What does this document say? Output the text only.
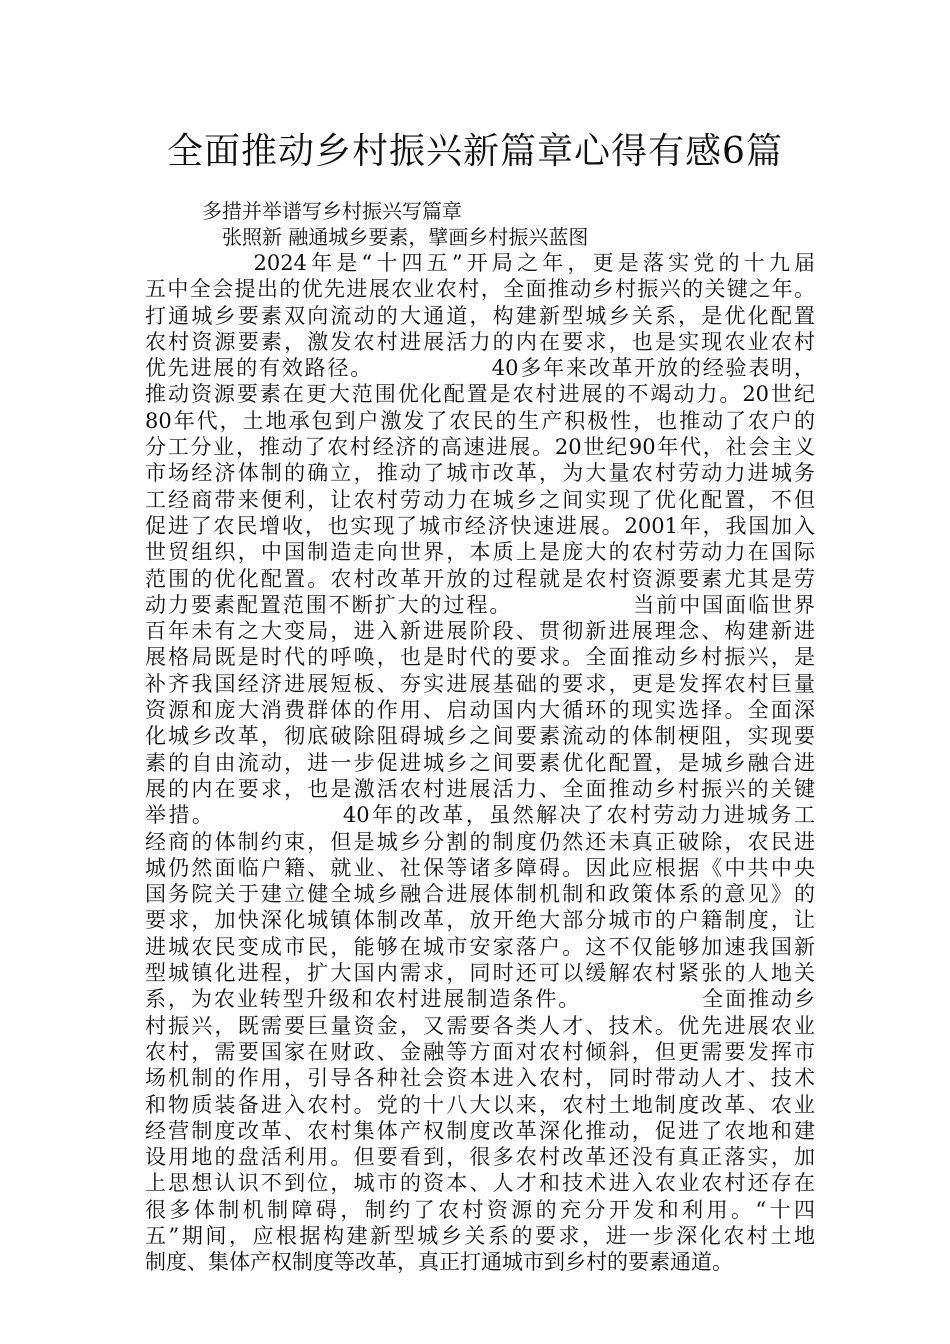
全面推动乡村振兴新篇章心得有感6篇
多措并举谱写乡村振兴写篇章
张照新 融通城乡要素，擘画乡村振兴蓝图
2024年是“十四五”开局之年，更是落实党的十九届
五中全会提出的优先进展农业农村，全面推动乡村振兴的关键之年。
打通城乡要素双向流动的大通道，构建新型城乡关系，是优化配置
农村资源要素，激发农村进展活力的内在要求，也是实现农业农村
优先进展的有效路径。              40多年来改革开放的经验表明，
推动资源要素在更大范围优化配置是农村进展的不竭动力。20世纪
80年代，土地承包到户激发了农民的生产积极性，也推动了农户的
分工分业，推动了农村经济的高速进展。20世纪90年代，社会主义
市场经济体制的确立，推动了城市改革，为大量农村劳动力进城务
工经商带来便利，让农村劳动力在城乡之间实现了优化配置，不但
促进了农民增收，也实现了城市经济快速进展。2001年，我国加入
世贸组织，中国制造走向世界，本质上是庞大的农村劳动力在国际
范围的优化配置。农村改革开放的过程就是农村资源要素尤其是劳
动力要素配置范围不断扩大的过程。              当前中国面临世界
百年未有之大变局，进入新进展阶段、贯彻新进展理念、构建新进
展格局既是时代的呼唤，也是时代的要求。全面推动乡村振兴，是
补齐我国经济进展短板、夯实进展基础的要求，更是发挥农村巨量
资源和庞大消费群体的作用、启动国内大循环的现实选择。全面深
化城乡改革，彻底破除阻碍城乡之间要素流动的体制梗阻，实现要
素的自由流动，进一步促进城乡之间要素优化配置，是城乡融合进
展的内在要求，也是激活农村进展活力、全面推动乡村振兴的关键
举措。              40年的改革，虽然解决了农村劳动力进城务工
经商的体制约束，但是城乡分割的制度仍然还未真正破除，农民进
城仍然面临户籍、就业、社保等诸多障碍。因此应根据《中共中央
国务院关于建立健全城乡融合进展体制机制和政策体系的意见》的
要求，加快深化城镇体制改革，放开绝大部分城市的户籍制度，让
进城农民变成市民，能够在城市安家落户。这不仅能够加速我国新
型城镇化进程，扩大国内需求，同时还可以缓解农村紧张的人地关
系，为农业转型升级和农村进展制造条件。              全面推动乡
村振兴，既需要巨量资金，又需要各类人才、技术。优先进展农业
农村，需要国家在财政、金融等方面对农村倾斜，但更需要发挥市
场机制的作用，引导各种社会资本进入农村，同时带动人才、技术
和物质装备进入农村。党的十八大以来，农村土地制度改革、农业
经营制度改革、农村集体产权制度改革深化推动，促进了农地和建
设用地的盘活利用。但要看到，很多农村改革还没有真正落实，加
上思想认识不到位，城市的资本、人才和技术进入农业农村还存在
很多体制机制障碍，制约了农村资源的充分开发和利用。“十四
五”期间，应根据构建新型城乡关系的要求，进一步深化农村土地
制度、集体产权制度等改革，真正打通城市到乡村的要素通道。
